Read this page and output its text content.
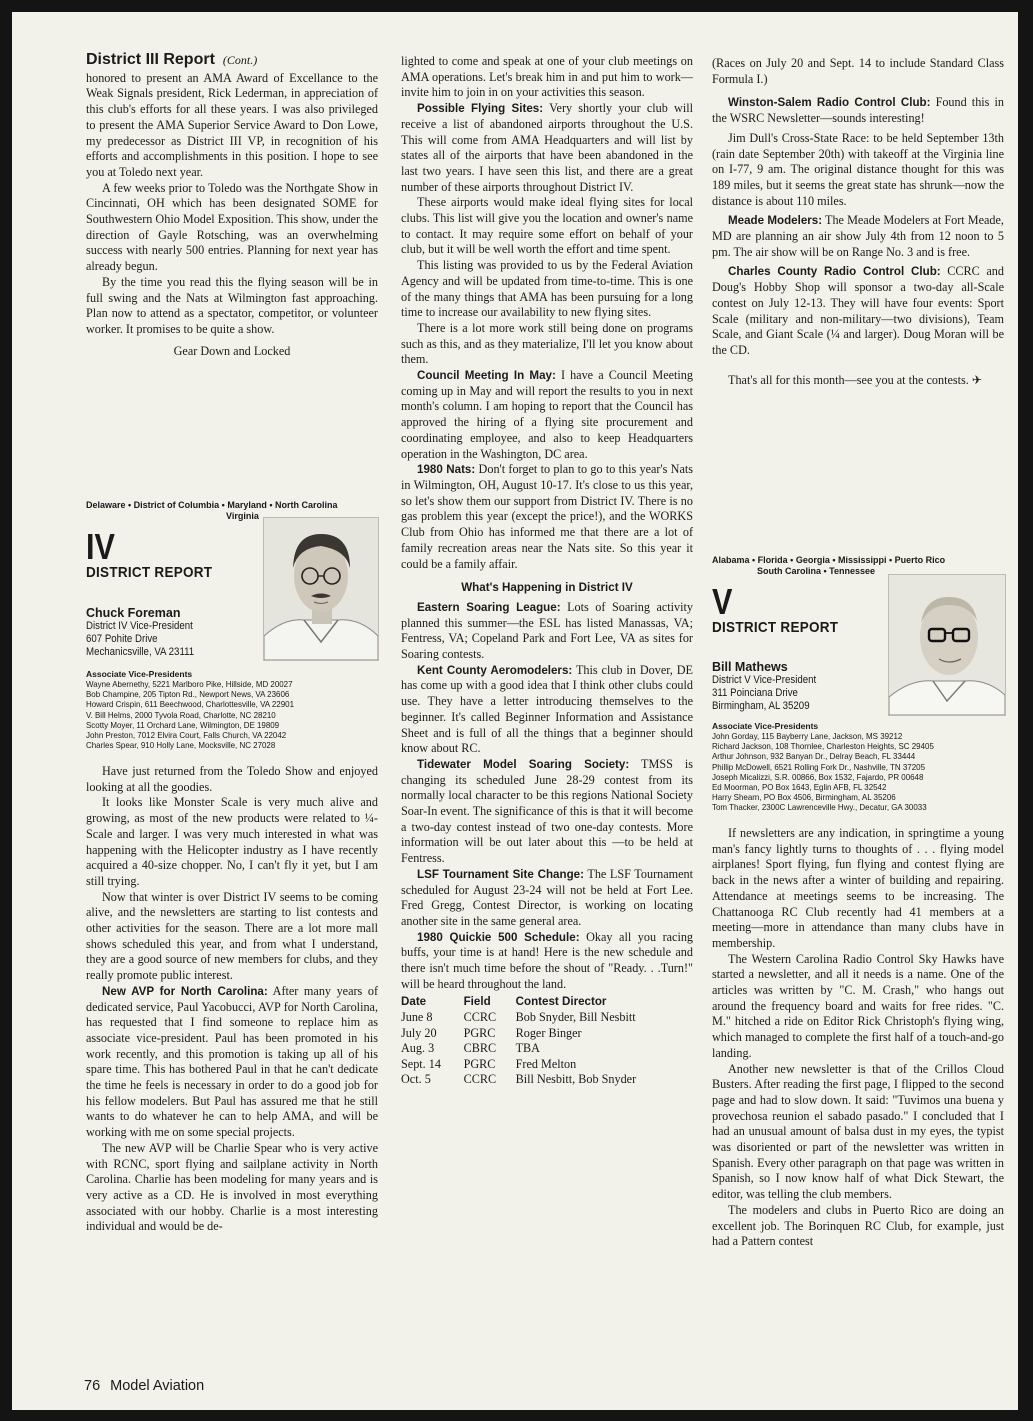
District III Report (Cont.)

honored to present an AMA Award of Excellance to the Weak Signals president, Rick Lederman, in appreciation of this club's efforts for all these years. I was also privileged to present the AMA Superior Service Award to Don Lowe, my predecessor as District III VP, in recognition of his efforts and accomplishments in this position. I hope to see you at Toledo next year.

A few weeks prior to Toledo was the Northgate Show in Cincinnati, OH which has been designated SOME for Southwestern Ohio Model Exposition. This show, under the direction of Gayle Rotsching, was an overwhelming success with nearly 500 entries. Planning for next year has already begun.

By the time you read this the flying season will be in full swing and the Nats at Wilmington fast approaching. Plan now to attend as a spectator, competitor, or volunteer worker. It promises to be quite a show.

Gear Down and Locked

Delaware • District of Columbia • Maryland • North Carolina
Virginia
IV
DISTRICT REPORT
Chuck Foreman
District IV Vice-President
607 Pohite Drive
Mechanicsville, VA 23111
Associate Vice-Presidents
Wayne Abernethy, 5221 Marlboro Pike, Hillside, MD 20027
Bob Champine, 205 Tipton Rd., Newport News, VA 23606
Howard Crispin, 611 Beechwood, Charlottesville, VA 22901
V. Bill Helms, 2000 Tyvola Road, Charlotte, NC 28210
Scotty Moyer, 11 Orchard Lane, Wilmington, DE 19809
John Preston, 7012 Elvira Court, Falls Church, VA 22042
Charles Spear, 910 Holly Lane, Mocksville, NC 27028

Have just returned from the Toledo Show and enjoyed looking at all the goodies.

It looks like Monster Scale is very much alive and growing, as most of the new products were related to ¼-Scale and larger. I was very much interested in what was happening with the Helicopter industry as I have recently acquired a 40-size chopper. No, I can't fly it yet, but I am still trying.

Now that winter is over District IV seems to be coming alive, and the newsletters are starting to list contests and other activities for the season. There are a lot more mall shows scheduled this year, and from what I understand, they are a good source of new members for clubs, and they really promote public interest.

New AVP for North Carolina: After many years of dedicated service, Paul Yacobucci, AVP for North Carolina, has requested that I find someone to replace him as associate vice-president. Paul has been promoted in his work recently, and this promotion is taking up all of his spare time. This has bothered Paul in that he can't dedicate the time he feels is necessary in order to do a good job for his fellow modelers. But Paul has assured me that he still wants to do whatever he can to help AMA, and will be working with me on some special projects.

The new AVP will be Charlie Spear who is very active with RCNC, sport flying and sailplane activity in North Carolina. Charlie has been modeling for many years and is very active as a CD. He is involved in most everything associated with our hobby. Charlie is a most interesting individual and would be de-

lighted to come and speak at one of your club meetings on AMA operations. Let's break him in and put him to work—invite him to join in on your activities this season.

Possible Flying Sites: Very shortly your club will receive a list of abandoned airports throughout the U.S. This will come from AMA Headquarters and will list by states all of the airports that have been abandoned in the last two years. I have seen this list, and there are a great number of these airports throughout District IV.

These airports would make ideal flying sites for local clubs. This list will give you the location and owner's name to contact. It may require some effort on behalf of your club, but it will be well worth the effort and time spent.

This listing was provided to us by the Federal Aviation Agency and will be updated from time-to-time. This is one of the many things that AMA has been pursuing for a long time to increase our availability to new flying sites.

There is a lot more work still being done on programs such as this, and as they materialize, I'll let you know about them.

Council Meeting In May: I have a Council Meeting coming up in May and will report the results to you in next month's column. I am hoping to report that the Council has approved the hiring of a flying site procurement and coordinating employee, and also to keep Headquarters operation in the Washington, DC area.

1980 Nats: Don't forget to plan to go to this year's Nats in Wilmington, OH, August 10-17. It's close to us this year, so let's show them our support from District IV. There is no gas problem this year (except the price!), and the WORKS Club from Ohio has informed me that there are a lot of family recreation areas near the Nats site. So this year it could be a family affair.

What's Happening in District IV

Eastern Soaring League: Lots of Soaring activity planned this summer—the ESL has listed Manassas, VA; Fentress, VA; Copeland Park and Fort Lee, VA as sites for Soaring contests.

Kent County Aeromodelers: This club in Dover, DE has come up with a good idea that I think other clubs could use. They have a letter introducing themselves to the beginner. It's called Beginner Information and Assistance Sheet and is full of all the things that a beginner should know about RC.

Tidewater Model Soaring Society: TMSS is changing its scheduled June 28-29 contest from its normally local character to be this regions National Society Soar-In event. The significance of this is that it will become a two-day contest instead of two one-day contests. More information will be out later about this —to be held at Fentress.

LSF Tournament Site Change: The LSF Tournament scheduled for August 23-24 will not be held at Fort Lee. Fred Gregg, Contest Director, is working on locating another site in the same general area.

1980 Quickie 500 Schedule: Okay all you racing buffs, your time is at hand! Here is the new schedule and there isn't much time before the shout of "Ready. . .Turn!" will be heard throughout the land.

Date	Field	Contest Director
June 8	CCRC	Bob Snyder, Bill Nesbitt
July 20	PGRC	Roger Binger
Aug. 3	CBRC	TBA
Sept. 14	PGRC	Fred Melton
Oct. 5	CCRC	Bill Nesbitt, Bob Snyder

(Races on July 20 and Sept. 14 to include Standard Class Formula I.)

Winston-Salem Radio Control Club: Found this in the WSRC Newsletter—sounds interesting!

Jim Dull's Cross-State Race: to be held September 13th (rain date September 20th) with takeoff at the Virginia line on I-77, 9 am. The original distance thought for this was 189 miles, but it seems the great state has shrunk—now the distance is about 110 miles.

Meade Modelers: The Meade Modelers at Fort Meade, MD are planning an air show July 4th from 12 noon to 5 pm. The air show will be on Range No. 3 and is free.

Charles County Radio Control Club: CCRC and Doug's Hobby Shop will sponsor a two-day all-Scale contest on July 12-13. They will have four events: Sport Scale (military and non-military—two divisions), Team Scale, and Giant Scale (¼ and larger). Doug Moran will be the CD.

That's all for this month—see you at the contests. ✈

Alabama • Florida • Georgia • Mississippi • Puerto Rico
South Carolina • Tennessee
V
DISTRICT REPORT
Bill Mathews
District V Vice-President
311 Poinciana Drive
Birmingham, AL 35209
Associate Vice-Presidents
John Gorday, 115 Bayberry Lane, Jackson, MS 39212
Richard Jackson, 108 Thornlee, Charleston Heights, SC 29405
Arthur Johnson, 932 Banyan Dr., Delray Beach, FL 33444
Phillip McDowell, 6521 Rolling Fork Dr., Nashville, TN 37205
Joseph Micalizzi, S.R. 00866, Box 1532, Fajardo, PR 00648
Ed Moorman, PO Box 1643, Eglin AFB, FL 32542
Harry Shearn, PO Box 4506, Birmingham, AL 35206
Tom Thacker, 2300C Lawrenceville Hwy., Decatur, GA 30033

If newsletters are any indication, in springtime a young man's fancy lightly turns to thoughts of . . . flying model airplanes! Sport flying, fun flying and contest flying are back in the news after a winter of building and repairing. Attendance at meetings seems to be increasing. The Chattanooga RC Club recently had 41 members at a meeting—more in attendance than many clubs have in membership.

The Western Carolina Radio Control Sky Hawks have started a newsletter, and all it needs is a name. One of the articles was written by "C. M. Crash," who hangs out around the frequency board and waits for free rides. "C. M." hitched a ride on Editor Rick Christoph's flying wing, which managed to complete the first half of a touch-and-go landing.

Another new newsletter is that of the Crillos Cloud Busters. After reading the first page, I flipped to the second page and had to slow down. It said: "Tuvimos una buena y provechosa reunion el sabado pasado." I concluded that I had an unusual amount of balsa dust in my eyes, the typist was disoriented or part of the newsletter was written in Spanish. Every other paragraph on that page was written in Spanish, so I now know half of what Dick Stewart, the editor, was telling the club members.

The modelers and clubs in Puerto Rico are doing an excellent job. The Borinquen RC Club, for example, just had a Pattern contest

76 Model Aviation
